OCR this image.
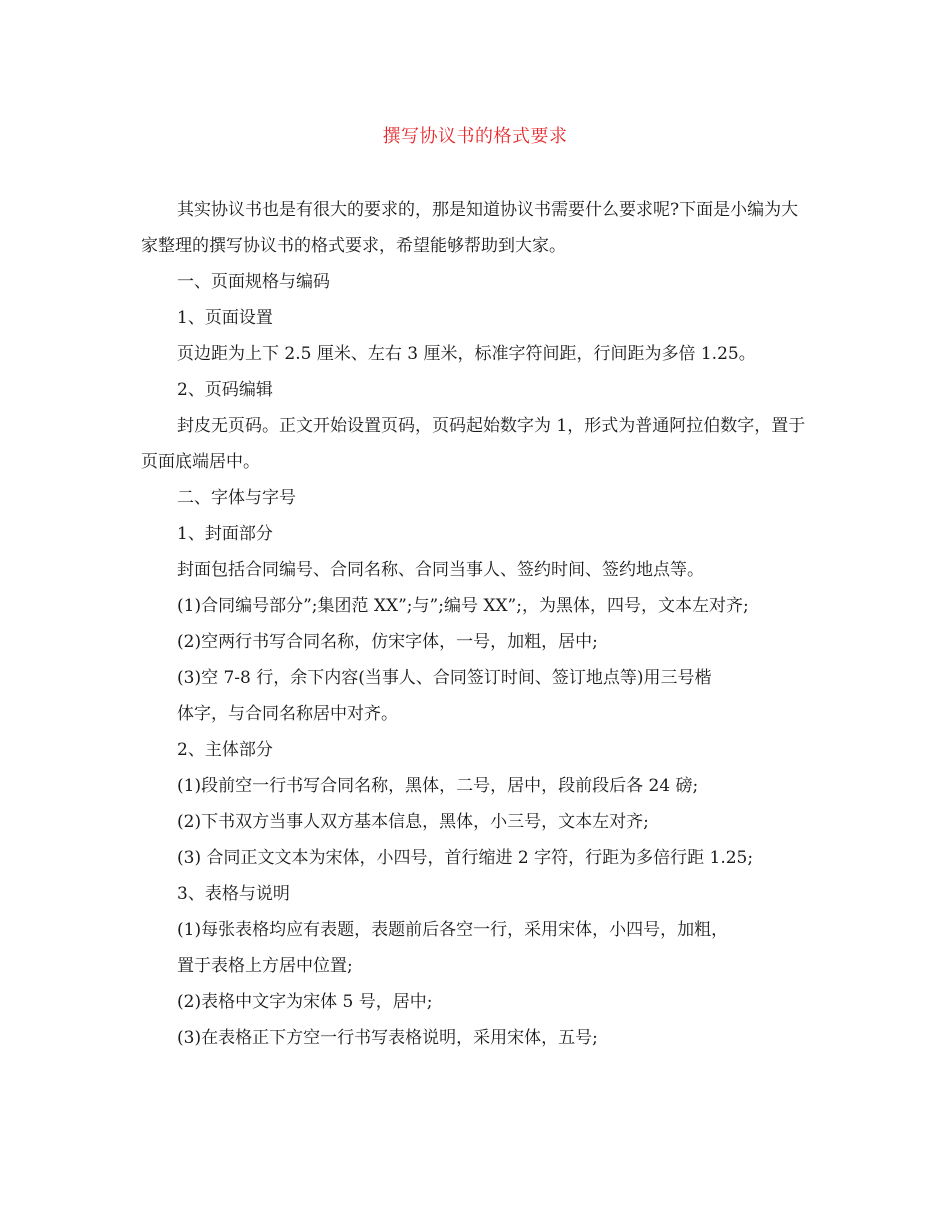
撰写协议书的格式要求

其实协议书也是有很大的要求的，那是知道协议书需要什么要求呢?下面是小编为大家整理的撰写协议书的格式要求，希望能够帮助到大家。

一、页面规格与编码

1、页面设置

页边距为上下 2.5 厘米、左右 3 厘米，标准字符间距，行间距为多倍 1.25。

2、页码编辑

封皮无页码。正文开始设置页码，页码起始数字为 1，形式为普通阿拉伯数字，置于页面底端居中。

二、字体与字号

1、封面部分

封面包括合同编号、合同名称、合同当事人、签约时间、签约地点等。

(1)合同编号部分”;集团范 XX”;与”;编号 XX”;，为黑体，四号，文本左对齐;

(2)空两行书写合同名称，仿宋字体，一号，加粗，居中;

(3)空 7-8 行，余下内容(当事人、合同签订时间、签订地点等)用三号楷

体字，与合同名称居中对齐。

2、主体部分

(1)段前空一行书写合同名称，黑体，二号，居中，段前段后各 24 磅;

(2)下书双方当事人双方基本信息，黑体，小三号，文本左对齐;

(3) 合同正文文本为宋体，小四号，首行缩进 2 字符，行距为多倍行距 1.25;

3、表格与说明

(1)每张表格均应有表题，表题前后各空一行，采用宋体，小四号，加粗，

置于表格上方居中位置;

(2)表格中文字为宋体 5 号，居中;

(3)在表格正下方空一行书写表格说明，采用宋体，五号;
